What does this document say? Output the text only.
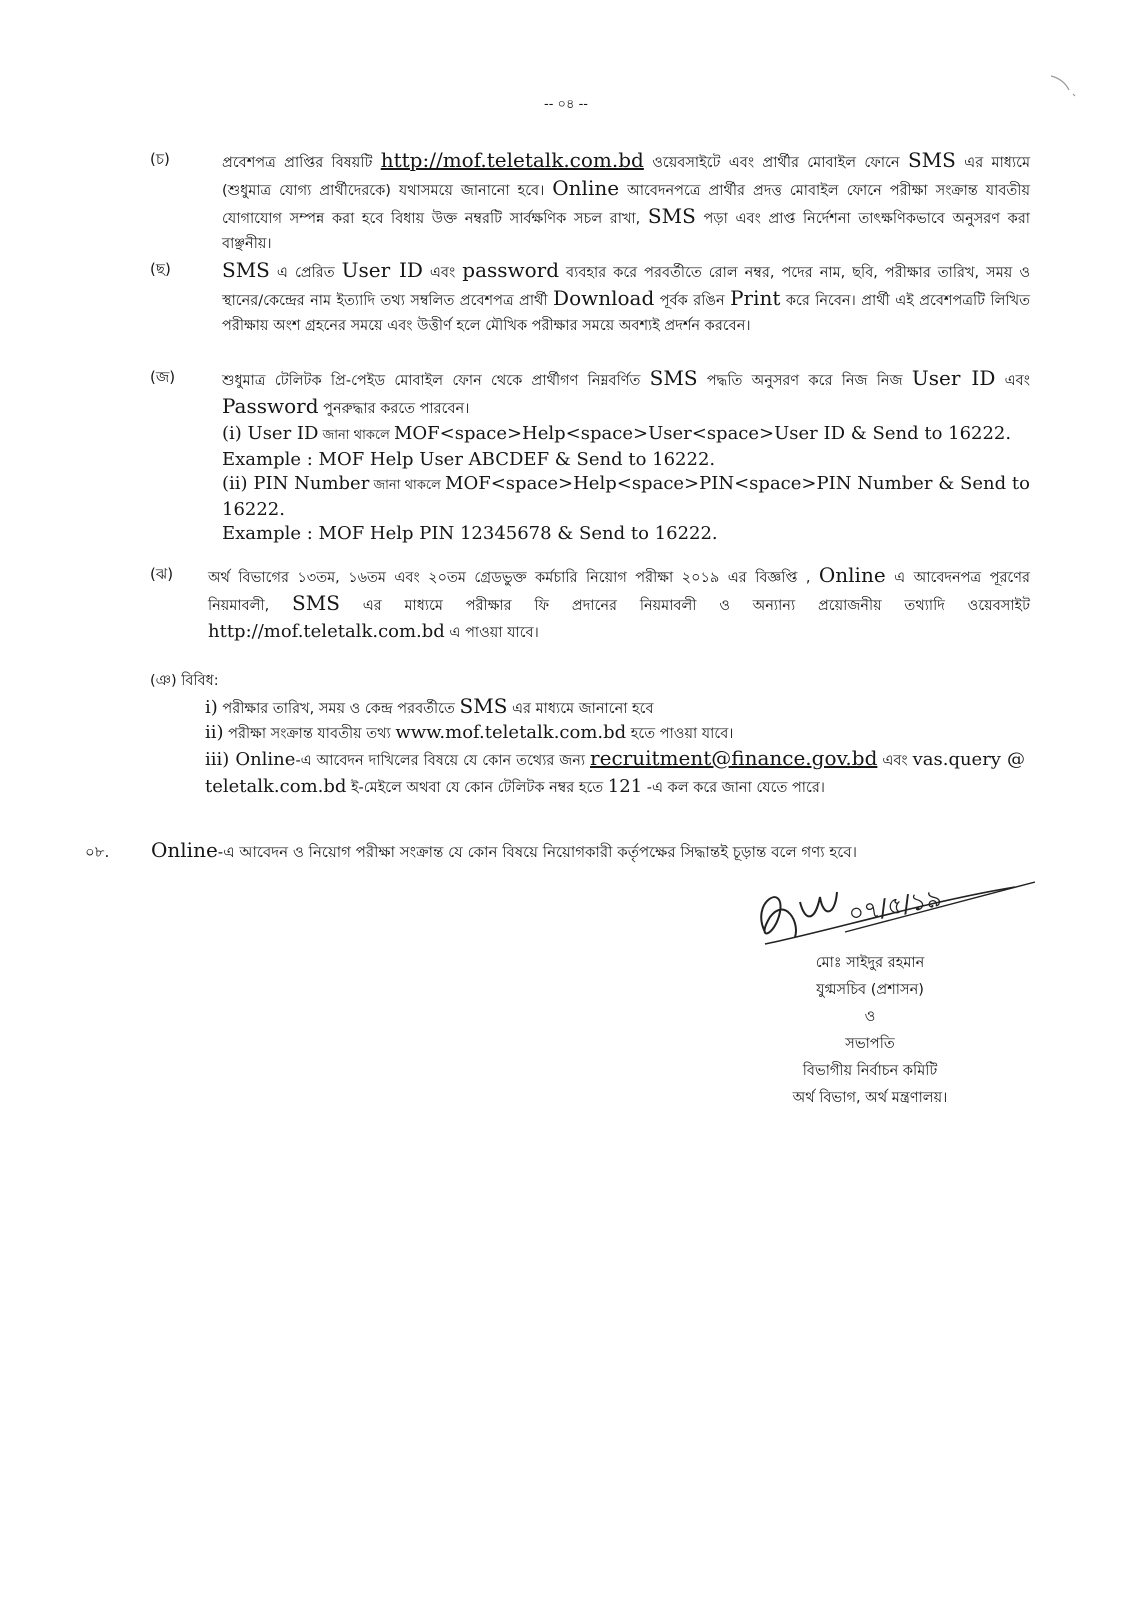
-- ০৪ --
(চ)	প্রবেশপত্র প্রাপ্তির বিষয়টি http://mof.teletalk.com.bd ওয়েবসাইটে এবং প্রার্থীর মোবাইল ফোনে SMS এর মাধ্যমে (শুধুমাত্র যোগ্য প্রার্থীদেরকে) যথাসময়ে জানানো হবে। Online আবেদনপত্রে প্রার্থীর প্রদত্ত মোবাইল ফোনে পরীক্ষা সংক্রান্ত যাবতীয় যোগাযোগ সম্পন্ন করা হবে বিধায় উক্ত নম্বরটি সার্বক্ষণিক সচল রাখা, SMS পড়া এবং প্রাপ্ত নির্দেশনা তাৎক্ষণিকভাবে অনুসরণ করা বাঞ্ছনীয়।
(ছ)	SMS এ প্রেরিত User ID এবং password ব্যবহার করে পরবর্তীতে রোল নম্বর, পদের নাম, ছবি, পরীক্ষার তারিখ, সময় ও স্থানের/কেন্দ্রের নাম ইত্যাদি তথ্য সম্বলিত প্রবেশপত্র প্রার্থী Download পূর্বক রঙিন Print করে নিবেন। প্রার্থী এই প্রবেশপত্রটি লিখিত পরীক্ষায় অংশ গ্রহনের সময়ে এবং উত্তীর্ণ হলে মৌখিক পরীক্ষার সময়ে অবশ্যই প্রদর্শন করবেন।
(জ)	শুধুমাত্র টেলিটক প্রি-পেইড মোবাইল ফোন থেকে প্রার্থীগণ নিম্নবর্ণিত SMS পদ্ধতি অনুসরণ করে নিজ নিজ User ID এবং Password পুনরুদ্ধার করতে পারবেন।
(i) User ID জানা থাকলে MOF<space>Help<space>User<space>User ID & Send to 16222.
Example : MOF Help User ABCDEF & Send to 16222.
(ii) PIN Number জানা থাকলে MOF<space>Help<space>PIN<space>PIN Number & Send to 16222.
Example : MOF Help PIN 12345678 & Send to 16222.
(ঝ) অর্থ বিভাগের ১৩তম, ১৬তম এবং ২০তম গ্রেডভুক্ত কর্মচারি নিয়োগ পরীক্ষা ২০১৯ এর বিজ্ঞপ্তি , Online এ আবেদনপত্র পূরণের নিয়মাবলী, SMS এর মাধ্যমে পরীক্ষার ফি প্রদানের নিয়মাবলী ও অন্যান্য প্রয়োজনীয় তথ্যাদি ওয়েবসাইট http://mof.teletalk.com.bd এ পাওয়া যাবে।
(ঞ) বিবিধ:
i) পরীক্ষার তারিখ, সময় ও কেন্দ্র পরবর্তীতে SMS এর মাধ্যমে জানানো হবে
ii) পরীক্ষা সংক্রান্ত যাবতীয় তথ্য www.mof.teletalk.com.bd হতে পাওয়া যাবে।
iii) Online-এ আবেদন দাখিলের বিষয়ে যে কোন তথ্যের জন্য recruitment@finance.gov.bd এবং vas.query @ teletalk.com.bd ই-মেইলে অথবা যে কোন টেলিটক নম্বর হতে 121 -এ কল করে জানা যেতে পারে।
০৮. Online-এ আবেদন ও নিয়োগ পরীক্ষা সংক্রান্ত যে কোন বিষয়ে নিয়োগকারী কর্তৃপক্ষের সিদ্ধান্তই চূড়ান্ত বলে গণ্য হবে।
০৭/৫/১৯
মোঃ সাইদুর রহমান
যুগ্মসচিব (প্রশাসন)
ও
সভাপতি
বিভাগীয় নির্বাচন কমিটি
অর্থ বিভাগ, অর্থ মন্ত্রণালয়।
